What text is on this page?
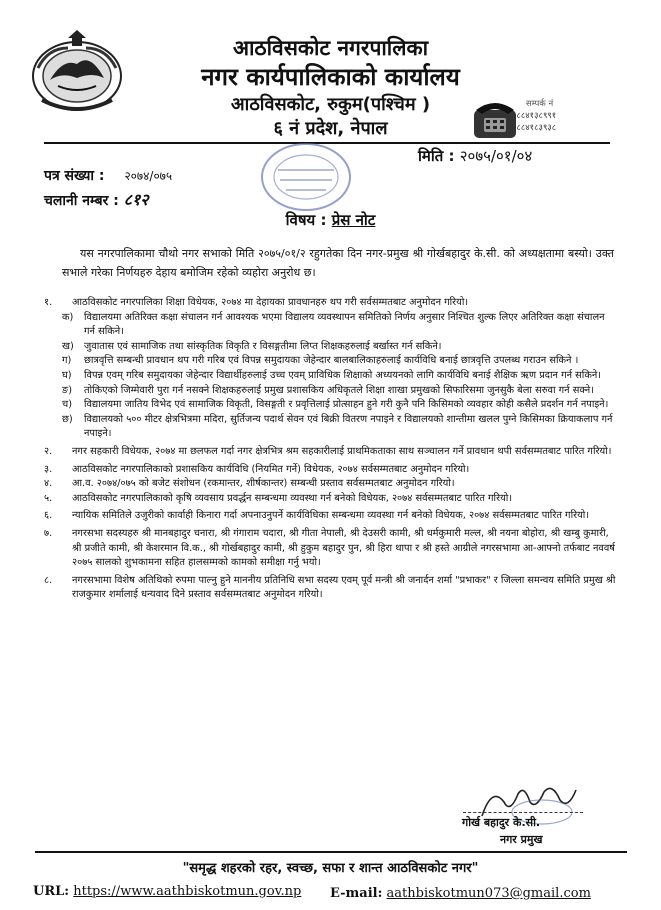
आठविसकोट नगरपालिका
नगर कार्यपालिकाको कार्यालय
आठविसकोट, रुकुम(पश्चिम )
६ नं प्रदेश, नेपाल
सम्पर्क नं
०८८४१३८९९१
०८८४१८३९३८
मिति : २०७५/०१/०४
पत्र संख्या : २०७४/०७५
चलानी नम्बर : ८१२
विषय : प्रेस नोट
यस नगरपालिकामा चौथो नगर सभाको मिति २०७५/०१/२ रहुगतेका दिन नगर-प्रमुख श्री गोर्खबहादुर के.सी. को अध्यक्षतामा बस्यो। उक्त सभाले गरेका निर्णयहरु देहाय बमोजिम रहेको व्यहोरा अनुरोध छ।
१.	आठविसकोट नगरपालिका शिक्षा विधेयक, २०७४ मा देहायका प्रावधानहरु थप गरी सर्वसम्मतबाट अनुमोदन गरियो।
क)	विद्यालयमा अतिरिक्त कक्षा संचालन गर्न आवश्यक भएमा विद्यालय व्यवस्थापन समितिको निर्णय अनुसार निश्चित शुल्क लिएर अतिरिक्त कक्षा संचालन गर्न सकिने।
ख)	जुवातास एवं सामाजिक तथा सांस्कृतिक विकृति र विसङ्गतीमा लिप्त शिक्षकहरुलाई बर्खास्त गर्न सकिने।
ग)	छात्रवृत्ति सम्बन्धी प्रावधान थप गरी गरिब एवं विपन्न समुदायका जेहेन्दार बालबालिकाहरुलाई कार्यविधि बनाई छात्रवृत्ति उपलब्ध गराउन सकिने ।
घ)	विपन्न एवम् गरिब समुदायका जेहेन्दार विद्यार्थीहरुलाई उच्च एवम् प्राविधिक शिक्षाको अध्ययनको लागि कार्यविधि बनाई शैक्षिक ऋण प्रदान गर्न सकिने।
ङ)	तोकिएको जिम्मेवारी पुरा गर्न नसक्ने शिक्षकहरुलाई प्रमुख प्रशासकिय अधिकृतले शिक्षा शाखा प्रमुखको सिफारिसमा जुनसुकै बेला सरुवा गर्न सक्ने।
च)	विद्यालयमा जातिय विभेद एवं सामाजिक विकृती, विसङ्गती र प्रवृत्तिलाई प्रोत्साहन हुने गरी कुनै पनि किसिमको व्यवहार कोही कसैले प्रदर्शन गर्न नपाइने।
छ)	विद्यालयको ५०० मीटर क्षेत्रभित्रमा मदिरा, सुर्तिजन्य पदार्थ सेवन एवं बिक्री वितरण नपाइने र विद्यालयको शान्तीमा खलल पुग्ने किसिमका क्रियाकलाप गर्न नपाइने।
२.	नगर सहकारी विधेयक, २०७४ मा छलफल गर्दा नगर क्षेत्रभित्र श्रम सहकारीलाई प्राथमिकताका साथ सञ्चालन गर्ने प्रावधान थपी सर्वसम्मतबाट पारित गरियो।
३.	आठविसकोट नगरपालिकाको प्रशासकिय कार्यविधि (नियमित गर्ने) विधेयक, २०७४ सर्वसम्मतबाट अनुमोदन गरियो।
४.	आ.व. २०७४/०७५ को बजेट संशोधन (रकमान्तर, शीर्षकान्तर) सम्बन्धी प्रस्ताव सर्वसम्मतबाट अनुमोदन गरियो।
५.	आठविसकोट नगरपालिकाको कृषि व्यवसाय प्रवर्द्धन सम्बन्धमा व्यवस्था गर्न बनेको विधेयक, २०७४ सर्वसम्मतबाट पारित गरियो।
६.	न्यायिक समितिले उजुरीको कार्वाही किनारा गर्दा अपनाउनुपर्ने कार्यविधिका सम्बन्धमा व्यवस्था गर्न बनेको विधेयक, २०७४ सर्वसम्मतबाट पारित गरियो।
७.	नगरसभा सदस्यहरु श्री मानबहादुर चनारा, श्री गंगाराम चदारा, श्री गीता नेपाली, श्री देउसरी कामी, श्री धर्मकुमारी मल्ल, श्री नयना बोहोरा, श्री खम्बु कुमारी, श्री प्रजीते कामी, श्री केशरमान वि.क., श्री गोर्खबहादुर कामी, श्री हुकुम बहादुर पुन, श्री हिरा थापा र श्री हस्ते आग्रीले नगरसभामा आ-आफ्नो तर्फबाट नववर्ष २०७५ सालको शुभकामना सहित हालसम्मको कामको समीक्षा गर्नु भयो।
८.	नगरसभामा विशेष अतिथिको रुपमा पाल्नु हुने माननीय प्रतिनिधि सभा सदस्य एवम् पूर्व मन्त्री श्री जनार्दन शर्मा "प्रभाकर" र जिल्ला समन्वय समिति प्रमुख श्री राजकुमार शर्मालाई धन्यवाद दिने प्रस्ताव सर्वसम्मतबाट अनुमोदन गरियो।
गोर्ख बहादुर के.सी.
नगर प्रमुख
"समृद्ध शहरको रहर, स्वच्छ, सफा र शान्त आठविसकोट नगर"
URL: https://www.aathbiskotmun.gov.np E-mail: aathbiskotmun073@gmail.com
